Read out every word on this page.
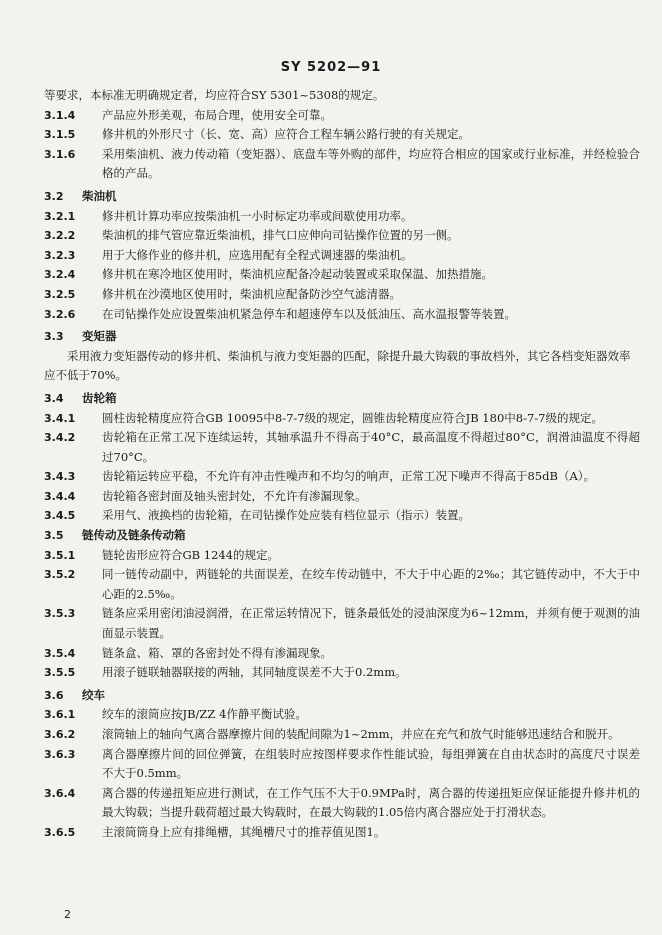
SY 5202—91

等要求，本标准无明确规定者，均应符合SY 5301~5308的规定。

3.1.4	产品应外形美观，布局合理，使用安全可靠。
3.1.5	修井机的外形尺寸（长、宽、高）应符合工程车辆公路行驶的有关规定。
3.1.6	采用柴油机、液力传动箱（变矩器）、底盘车等外购的部件，均应符合相应的国家或行业标准，并经检验合格的产品。
3.2	柴油机
3.2.1	修井机计算功率应按柴油机一小时标定功率或间歇使用功率。
3.2.2	柴油机的排气管应靠近柴油机，排气口应伸向司钻操作位置的另一侧。
3.2.3	用于大修作业的修井机，应选用配有全程式调速器的柴油机。
3.2.4	修井机在寒冷地区使用时，柴油机应配备冷起动装置或采取保温、加热措施。
3.2.5	修井机在沙漠地区使用时，柴油机应配备防沙空气滤清器。
3.2.6	在司钻操作处应设置柴油机紧急停车和超速停车以及低油压、高水温报警等装置。
3.3	变矩器

采用液力变矩器传动的修井机、柴油机与液力变矩器的匹配，除提升最大钩载的事故档外，其它各档变矩器效率应不低于70%。

3.4	齿轮箱
3.4.1	圆柱齿轮精度应符合GB 10095中8-7-7级的规定，圆锥齿轮精度应符合JB 180中8-7-7级的规定。
3.4.2	齿轮箱在正常工况下连续运转，其轴承温升不得高于40°C，最高温度不得超过80°C，润滑油温度不得超过70°C。
3.4.3	齿轮箱运转应平稳，不允许有冲击性噪声和不均匀的响声，正常工况下噪声不得高于85dB（A）。
3.4.4	齿轮箱各密封面及轴头密封处，不允许有渗漏现象。
3.4.5	采用气、液换档的齿轮箱，在司钻操作处应装有档位显示（指示）装置。
3.5	链传动及链条传动箱
3.5.1	链轮齿形应符合GB 1244的规定。
3.5.2	同一链传动副中，两链轮的共面误差，在绞车传动链中，不大于中心距的2‰；其它链传动中，不大于中心距的2.5‰。
3.5.3	链条应采用密闭油浸润滑，在正常运转情况下，链条最低处的浸油深度为6~12mm，并须有便于观测的油面显示装置。
3.5.4	链条盒、箱、罩的各密封处不得有渗漏现象。
3.5.5	用滚子链联轴器联接的两轴，其同轴度误差不大于0.2mm。
3.6	绞车
3.6.1	绞车的滚筒应按JB/ZZ 4作静平衡试验。
3.6.2	滚筒轴上的轴向气离合器摩擦片间的装配间隙为1~2mm，并应在充气和放气时能够迅速结合和脱开。
3.6.3	离合器摩擦片间的回位弹簧，在组装时应按图样要求作性能试验，每组弹簧在自由状态时的高度尺寸误差不大于0.5mm。
3.6.4	离合器的传递扭矩应进行测试，在工作气压不大于0.9MPa时，离合器的传递扭矩应保证能提升修井机的最大钩载；当提升载荷超过最大钩载时，在最大钩载的1.05倍内离合器应处于打滑状态。
3.6.5	主滚筒筒身上应有排绳槽，其绳槽尺寸的推荐值见图1。
2
